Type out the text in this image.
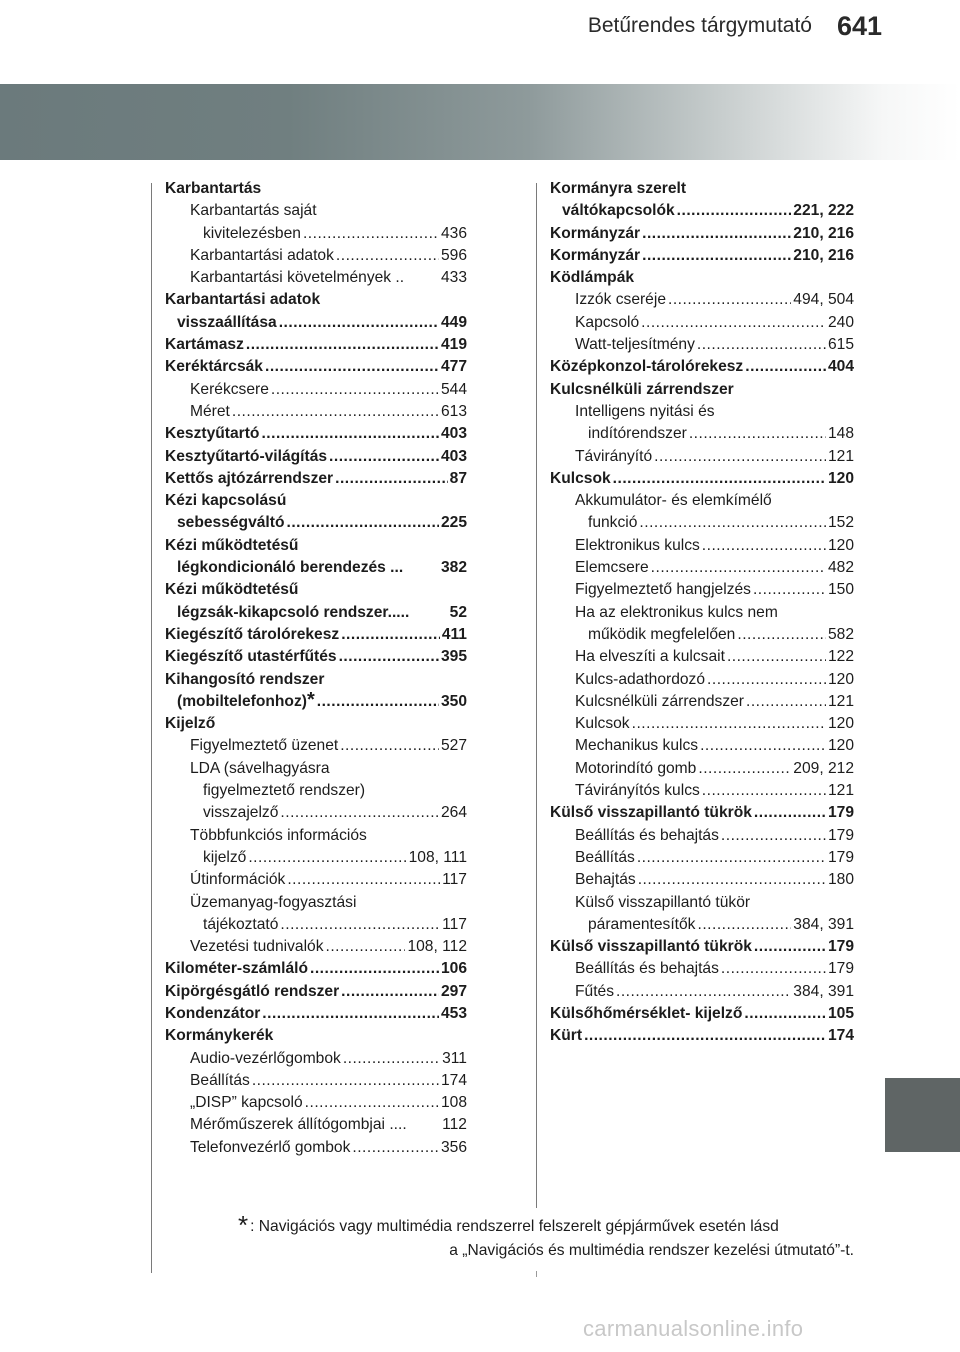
Betűrendes tárgymutató 641
Karbantartás
Karbantartás saját
kivitelezésben .....	436
Karbantartási adatok .....	596
Karbantartási követelmények .. 433
Karbantartási adatok
visszaállítása .....	449
Kartámasz .....	419
Keréktárcsák .....	477
Kerékcsere .....	544
Méret .....	613
Kesztyűtartó .....	403
Kesztyűtartó-világítás .....	403
Kettős ajtózárrendszer .....	87
Kézi kapcsolású
sebességváltó .....	225
Kézi működtetésű
légkondicionáló berendezés ... 382
Kézi működtetésű
légzsák-kikapcsoló rendszer.....	52
Kiegészítő tárolórekesz .....	411
Kiegészítő utastérfűtés .....	395
Kihangosító rendszer
(mobiltelefonhoz) * .....	350
Kijelző
Figyelmeztető üzenet .....	527
LDA (sávelhagyásra
figyelmeztető rendszer)
visszajelző .....	264
Többfunkciós információs
kijelző .....	108, 111
Útinformációk .....	117
Üzemanyag-fogyasztási
tájékoztató .....	117
Vezetési tudnivalók .....	108, 112
Kilométer-számláló .....	106
Kipörgésgátló rendszer .....	297
Kondenzátor .....	453
Kormánykerék
Audio-vezérlőgombok .....	311
Beállítás .....	174
„DISP” kapcsoló .....	108
Mérőműszerek állítógombjai .... 112
Telefonvezérlő gombok .....	356
Kormányra szerelt
váltókapcsolók .....	221, 222
Kormányzár .....	210, 216
Kormányzár .....	210, 216
Ködlámpák
Izzók cseréje .....	494, 504
Kapcsoló .....	240
Watt-teljesítmény .....	615
Középkonzol-tárolórekesz .....	404
Kulcsnélküli zárrendszer
Intelligens nyitási és
indítórendszer .....	148
Távirányító .....	121
Kulcsok .....	120
Akkumulátor- és elemkímélő
funkció .....	152
Elektronikus kulcs .....	120
Elemcsere .....	482
Figyelmeztető hangjelzés .....	150
Ha az elektronikus kulcs nem
működik megfelelően .....	582
Ha elveszíti a kulcsait .....	122
Kulcs-adathordozó .....	120
Kulcsnélküli zárrendszer .....	121
Kulcsok .....	120
Mechanikus kulcs .....	120
Motorindító gomb .....	209, 212
Távirányítós kulcs .....	121
Külső visszapillantó tükrök .....	179
Beállítás és behajtás .....	179
Beállítás .....	179
Behajtás .....	180
Külső visszapillantó tükör
páramentesítők .....	384, 391
Külső visszapillantó tükrök .....	179
Beállítás és behajtás .....	179
Fűtés .....	384, 391
Külsőhőmérséklet- kijelző .....	105
Kürt .....	174
* : Navigációs vagy multimédia rendszerrel felszerelt gépjárművek esetén lásd
a „Navigációs és multimédia rendszer kezelési útmutató”-t.
carmanualsonline.info
